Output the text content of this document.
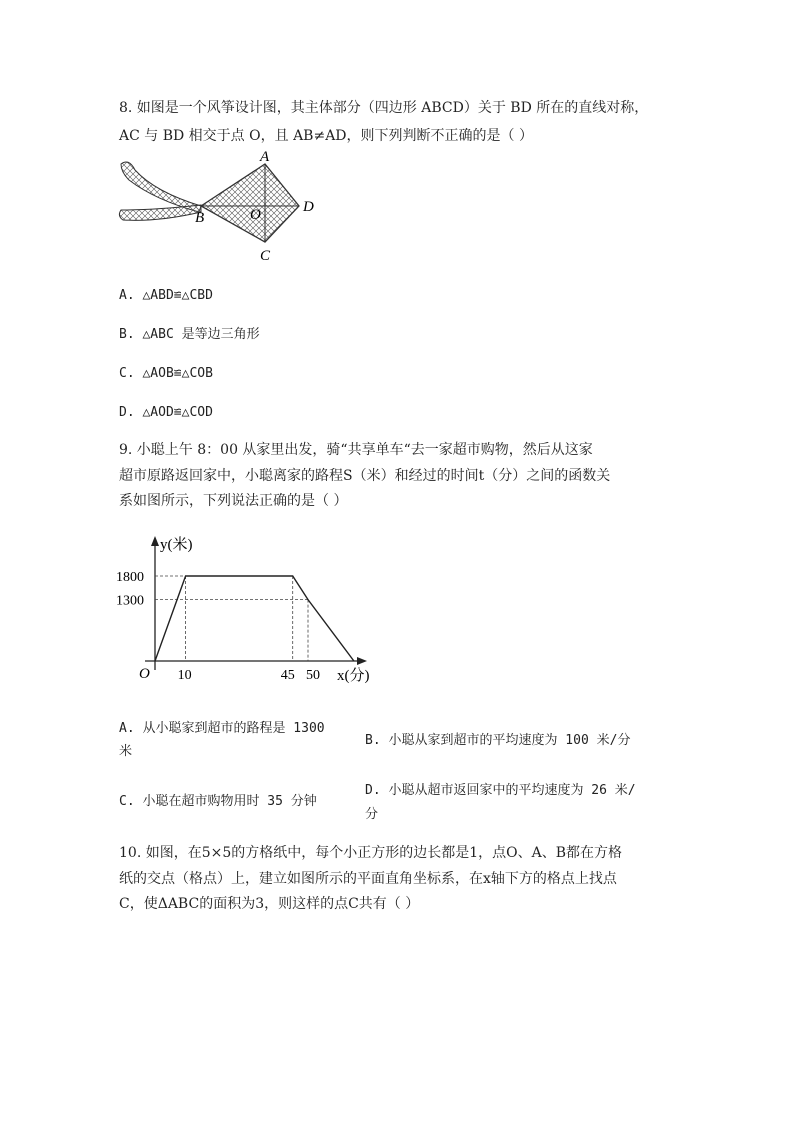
8. 如图是一个风筝设计图，其主体部分（四边形 ABCD）关于 BD 所在的直线对称，
AC 与 BD 相交于点 O，且 AB≠AD，则下列判断不正确的是（ ）
A
B
C
D
O
A. △ABD≌△CBD
B. △ABC 是等边三角形
C. △AOB≌△COB
D. △AOD≌△COD
9. 小聪上午 8：00 从家里出发，骑“共享单车“去一家超市购物，然后从这家
超市原路返回家中，小聪离家的路程S（米）和经过的时间t（分）之间的函数关
系如图所示，下列说法正确的是（ ）
y(米)
x(分)
O 10	45 50
1800
1300
A. 从小聪家到超市的路程是 1300
米
B. 小聪从家到超市的平均速度为 100 米/分
C. 小聪在超市购物用时 35 分钟
D. 小聪从超市返回家中的平均速度为 26 米/
分
10. 如图，在5×5的方格纸中，每个小正方形的边长都是1，点O、A、B都在方格
纸的交点（格点）上，建立如图所示的平面直角坐标系，在x轴下方的格点上找点
C，使ΔABC的面积为3，则这样的点C共有（ ）
